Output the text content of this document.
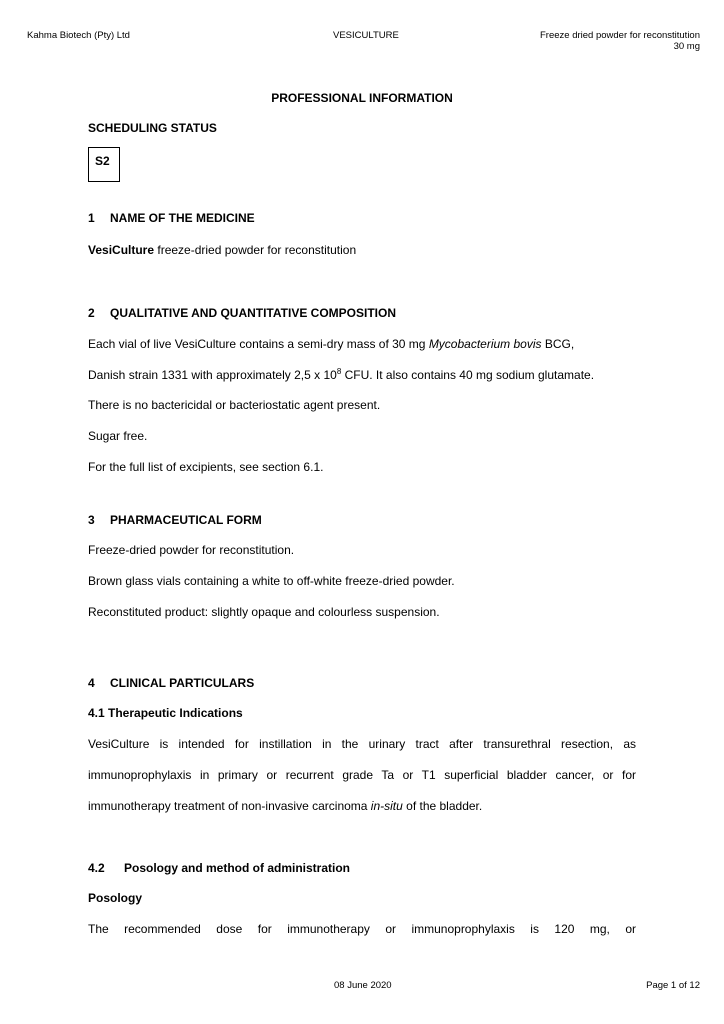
Kahma Biotech (Pty) Ltd	VESICULTURE	Freeze dried powder for reconstitution
30 mg
PROFESSIONAL INFORMATION
SCHEDULING STATUS
S2
1 NAME OF THE MEDICINE
VesiCulture freeze-dried powder for reconstitution
2 QUALITATIVE AND QUANTITATIVE COMPOSITION
Each vial of live VesiCulture contains a semi-dry mass of 30 mg Mycobacterium bovis BCG,
Danish strain 1331 with approximately 2,5 x $10^8$ CFU. It also contains 40 mg sodium glutamate.
There is no bactericidal or bacteriostatic agent present.
Sugar free.
For the full list of excipients, see section 6.1.
3 PHARMACEUTICAL FORM
Freeze-dried powder for reconstitution.
Brown glass vials containing a white to off-white freeze-dried powder.
Reconstituted product: slightly opaque and colourless suspension.
4 CLINICAL PARTICULARS
4.1 Therapeutic Indications
VesiCulture is intended for instillation in the urinary tract after transurethral resection, as
immunoprophylaxis in primary or recurrent grade Ta or T1 superficial bladder cancer, or for
immunotherapy treatment of non-invasive carcinoma in-situ of the bladder.
4.2 Posology and method of administration
Posology
The recommended dose for immunotherapy or immunoprophylaxis is 120 mg, or
08 June 2020	Page 1 of 12
